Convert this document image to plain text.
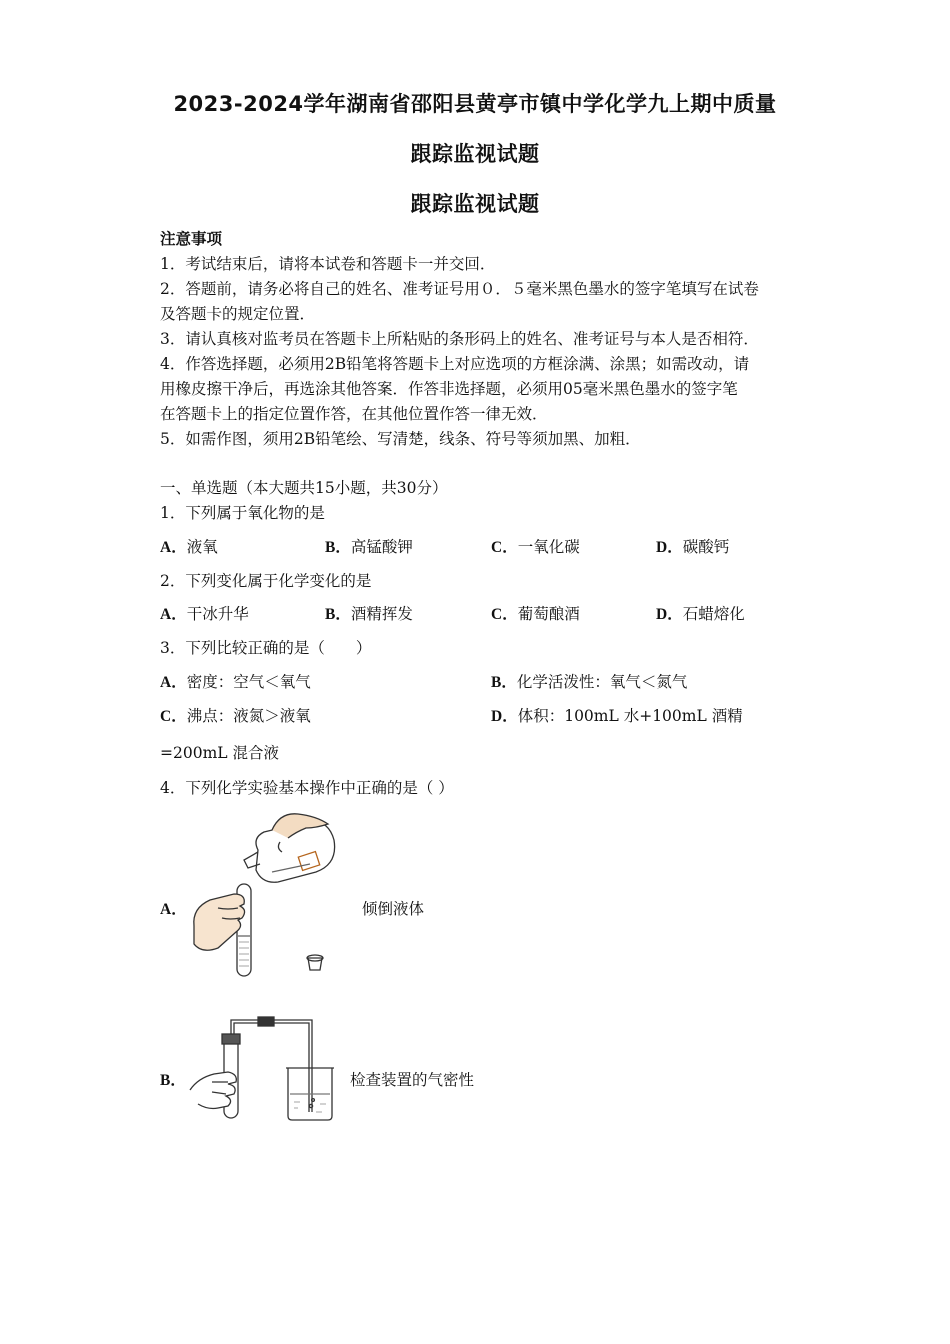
2023-2024学年湖南省邵阳县黄亭市镇中学化学九上期中质量
跟踪监视试题
跟踪监视试题
注意事项
1．考试结束后，请将本试卷和答题卡一并交回．
2．答题前，请务必将自己的姓名、准考证号用０．５毫米黑色墨水的签字笔填写在试卷
及答题卡的规定位置．
3．请认真核对监考员在答题卡上所粘贴的条形码上的姓名、准考证号与本人是否相符．
4．作答选择题，必须用2B铅笔将答题卡上对应选项的方框涂满、涂黑；如需改动，请
用橡皮擦干净后，再选涂其他答案．作答非选择题，必须用05毫米黑色墨水的签字笔
在答题卡上的指定位置作答，在其他位置作答一律无效．
5．如需作图，须用2B铅笔绘、写清楚，线条、符号等须加黑、加粗．
一、单选题（本大题共15小题，共30分）
1．下列属于氧化物的是
A．液氧	B．高锰酸钾	C．一氧化碳	D．碳酸钙
2．下列变化属于化学变化的是
A．干冰升华	B．酒精挥发	C．葡萄酿酒	D．石蜡熔化
3．下列比较正确的是（　　）
A．密度：空气＜氧气	B．化学活泼性：氧气＜氮气
C．沸点：液氮＞液氧	D．体积：100mL 水+100mL 酒精
=200mL 混合液
4．下列化学实验基本操作中正确的是（ ）
A．	倾倒液体
B．	检查装置的气密性
